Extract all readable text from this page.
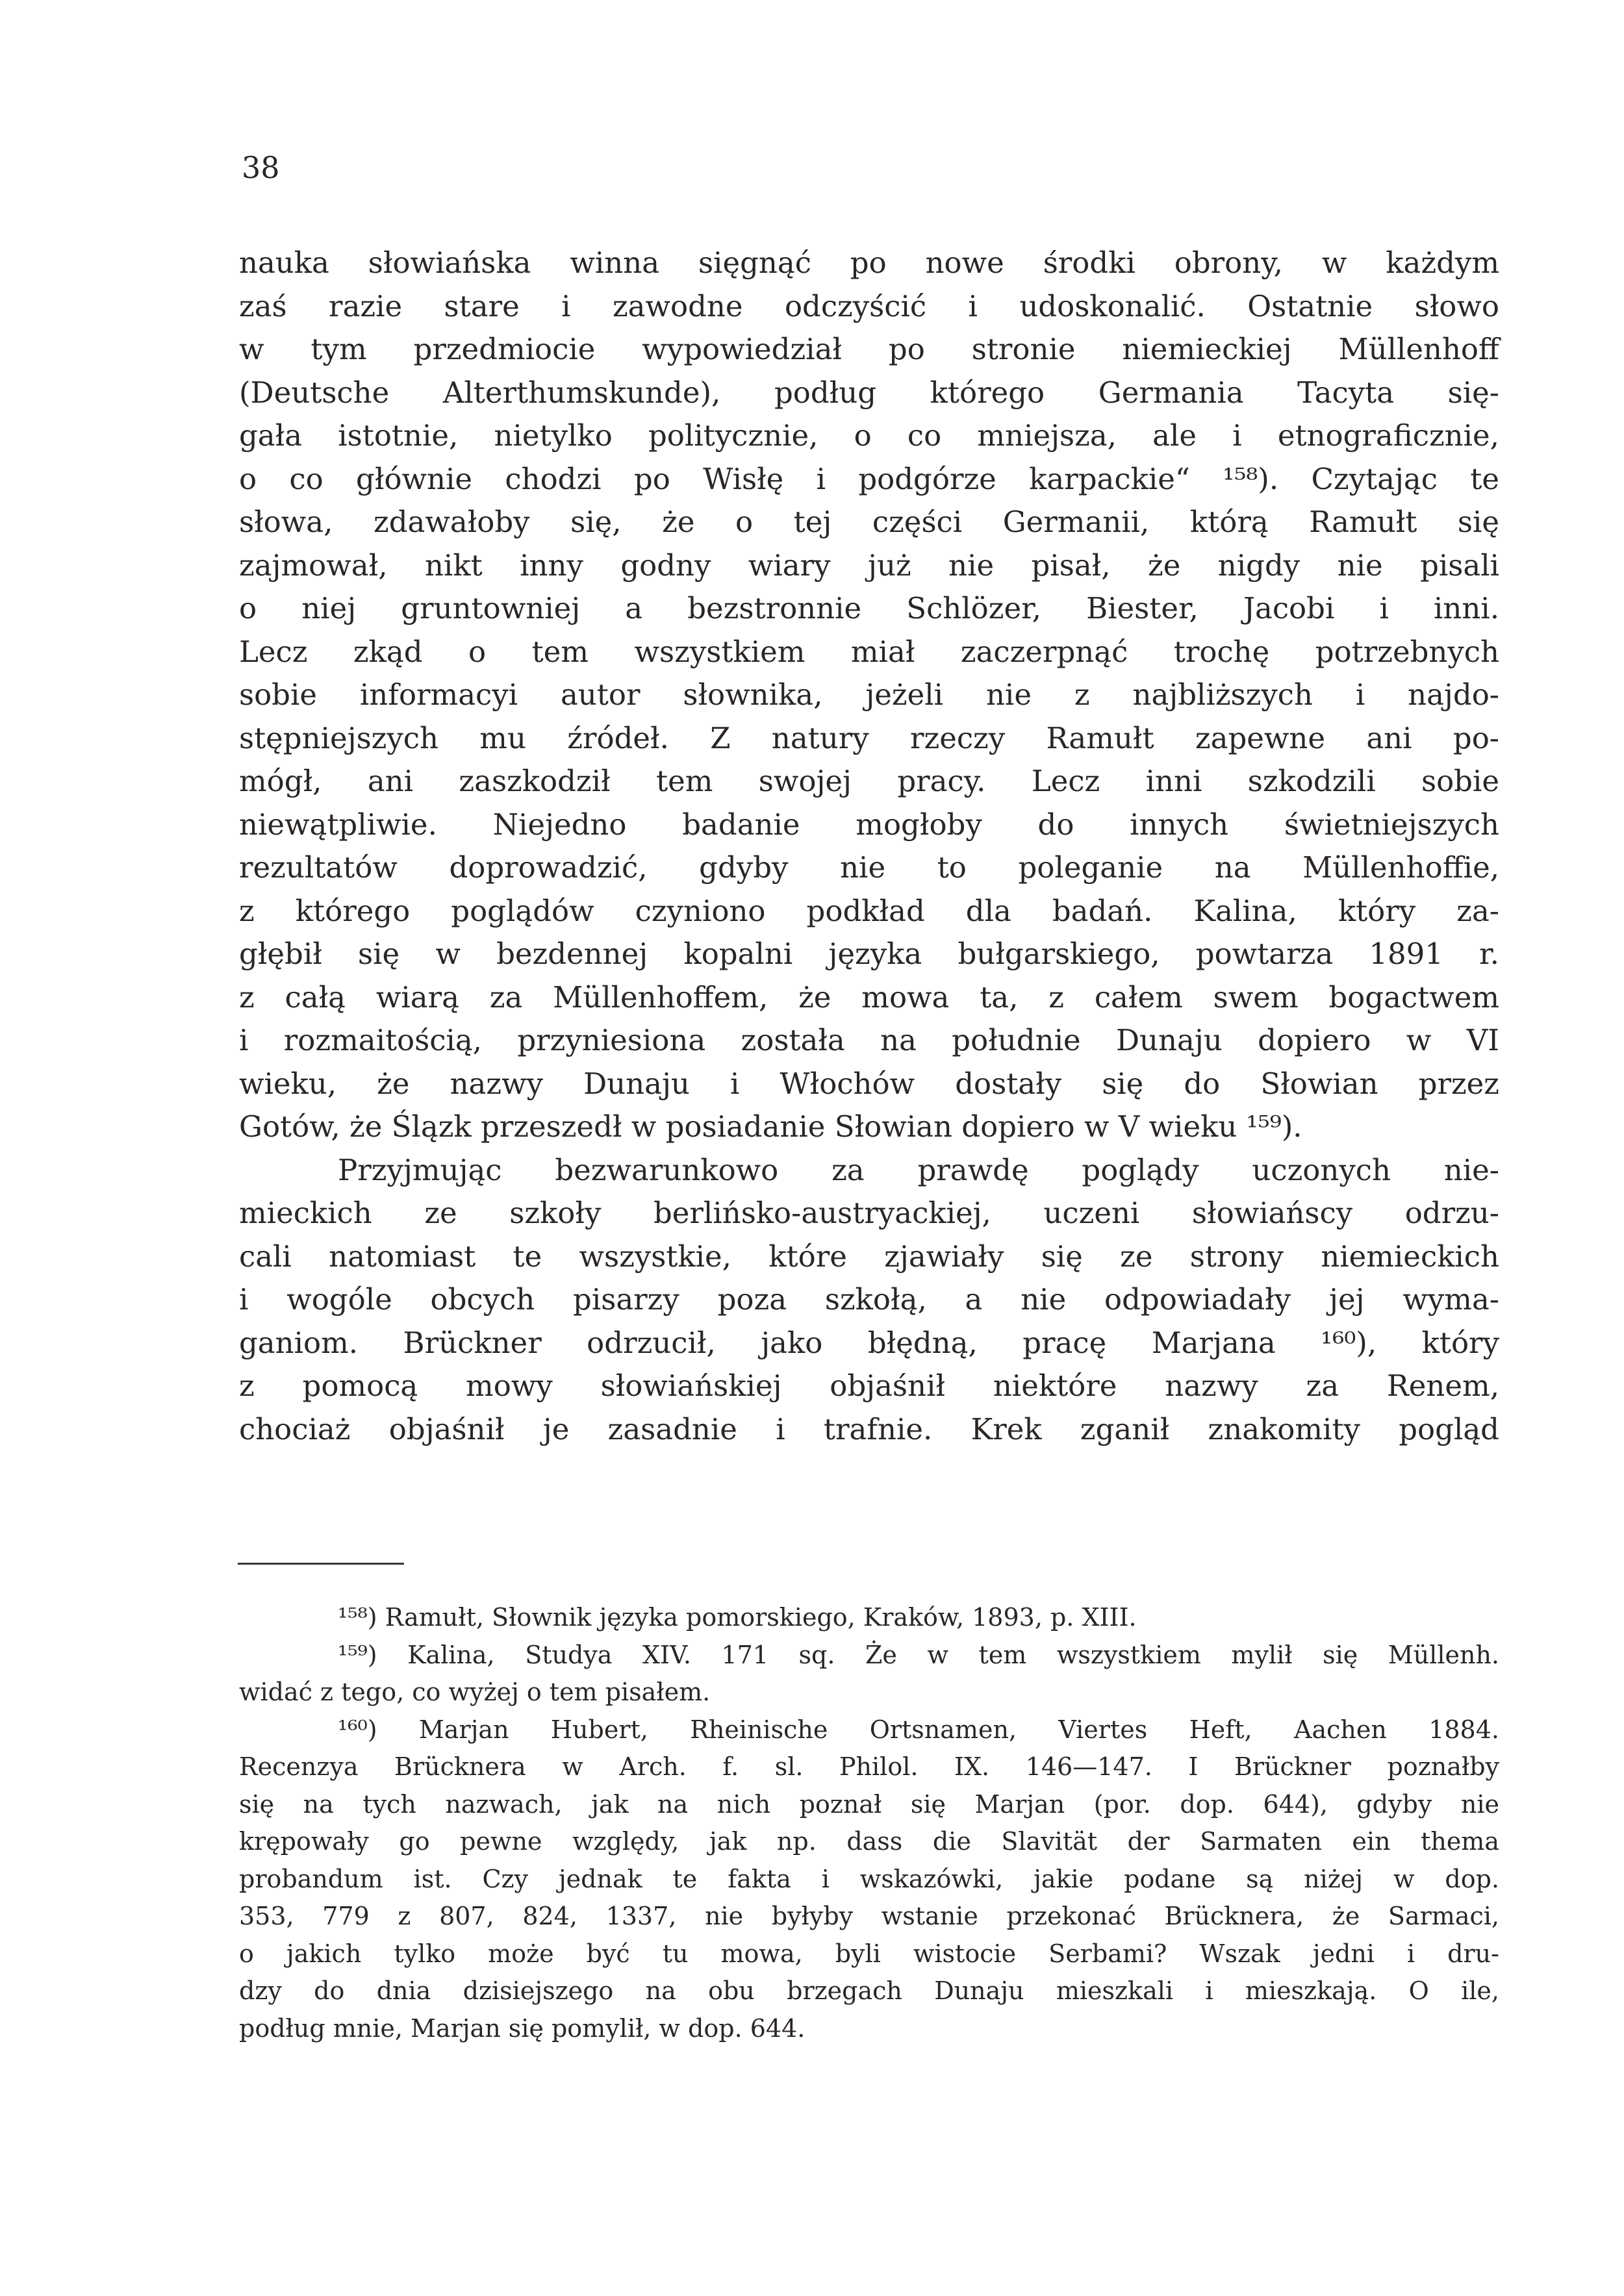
38
nauka słowiańska winna sięgnąć po nowe środki obrony, w każdym
zaś razie stare i zawodne odczyścić i udoskonalić. Ostatnie słowo
w tym przedmiocie wypowiedział po stronie niemieckiej Müllenhoff
(Deutsche Alterthumskunde), podług którego Germania Tacyta się-
gała istotnie, nietylko politycznie, o co mniejsza, ale i etnograficznie,
o co głównie chodzi po Wisłę i podgórze karpackie“ ¹⁵⁸). Czytając te
słowa, zdawałoby się, że o tej części Germanii, którą Ramułt się
zajmował, nikt inny godny wiary już nie pisał, że nigdy nie pisali
o niej gruntowniej a bezstronnie Schlözer, Biester, Jacobi i inni.
Lecz zkąd o tem wszystkiem miał zaczerpnąć trochę potrzebnych
sobie informacyi autor słownika, jeżeli nie z najbliższych i najdo-
stępniejszych mu źródeł. Z natury rzeczy Ramułt zapewne ani po-
mógł, ani zaszkodził tem swojej pracy. Lecz inni szkodzili sobie
niewątpliwie. Niejedno badanie mogłoby do innych świetniejszych
rezultatów doprowadzić, gdyby nie to poleganie na Müllenhoffie,
z którego poglądów czyniono podkład dla badań. Kalina, który za-
głębił się w bezdennej kopalni języka bułgarskiego, powtarza 1891 r.
z całą wiarą za Müllenhoffem, że mowa ta, z całem swem bogactwem
i rozmaitością, przyniesiona została na południe Dunaju dopiero w VI
wieku, że nazwy Dunaju i Włochów dostały się do Słowian przez
Gotów, że Ślązk przeszedł w posiadanie Słowian dopiero w V wieku ¹⁵⁹).
Przyjmując bezwarunkowo za prawdę poglądy uczonych nie-
mieckich ze szkoły berlińsko-austryackiej, uczeni słowiańscy odrzu-
cali natomiast te wszystkie, które zjawiały się ze strony niemieckich
i wogóle obcych pisarzy poza szkołą, a nie odpowiadały jej wyma-
ganiom. Brückner odrzucił, jako błędną, pracę Marjana ¹⁶⁰), który
z pomocą mowy słowiańskiej objaśnił niektóre nazwy za Renem,
chociaż objaśnił je zasadnie i trafnie. Krek zganił znakomity pogląd
¹⁵⁸) Ramułt, Słownik języka pomorskiego, Kraków, 1893, p. XIII.
¹⁵⁹) Kalina, Studya XIV. 171 sq. Że w tem wszystkiem mylił się Müllenh.
widać z tego, co wyżej o tem pisałem.
¹⁶⁰) Marjan Hubert, Rheinische Ortsnamen, Viertes Heft, Aachen 1884.
Recenzya Brücknera w Arch. f. sl. Philol. IX. 146—147. I Brückner poznałby
się na tych nazwach, jak na nich poznał się Marjan (por. dop. 644), gdyby nie
krępowały go pewne względy, jak np. dass die Slavität der Sarmaten ein thema
probandum ist. Czy jednak te fakta i wskazówki, jakie podane są niżej w dop.
353, 779 z 807, 824, 1337, nie byłyby wstanie przekonać Brücknera, że Sarmaci,
o jakich tylko może być tu mowa, byli wistocie Serbami? Wszak jedni i dru-
dzy do dnia dzisiejszego na obu brzegach Dunaju mieszkali i mieszkają. O ile,
podług mnie, Marjan się pomylił, w dop. 644.
